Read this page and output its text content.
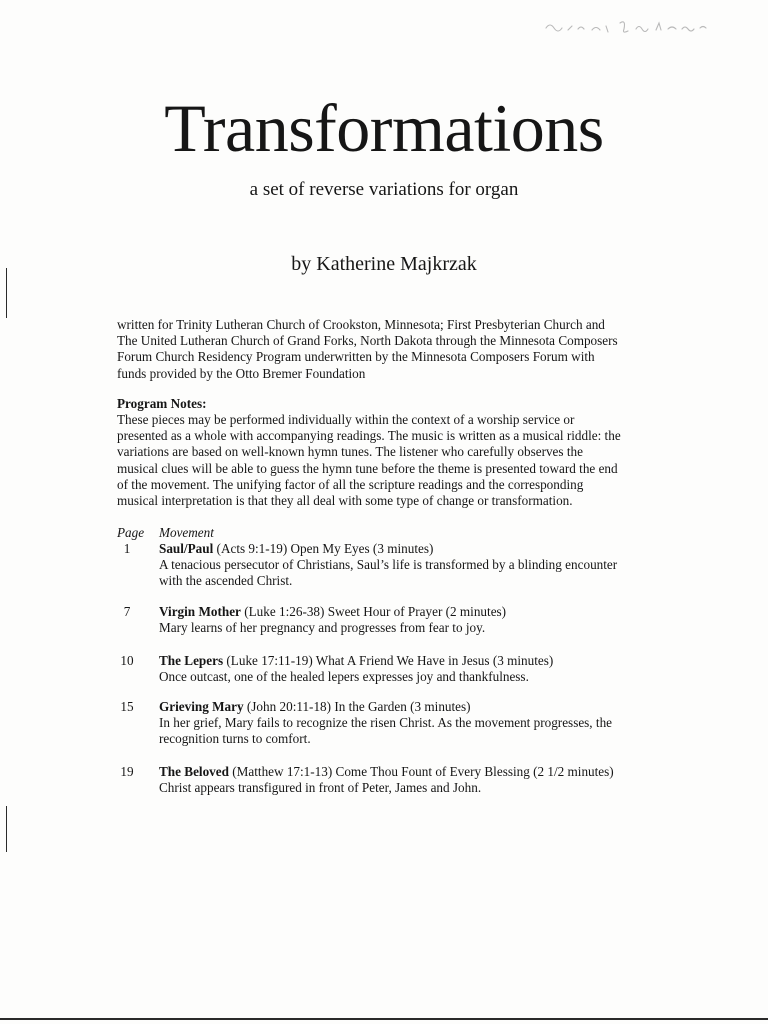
Transformations
a set of reverse variations for organ
by Katherine Majkrzak
written for Trinity Lutheran Church of Crookston, Minnesota; First Presbyterian Church and
The United Lutheran Church of Grand Forks, North Dakota through the Minnesota Composers
Forum Church Residency Program underwritten by the Minnesota Composers Forum with
funds provided by the Otto Bremer Foundation
Program Notes:
These pieces may be performed individually within the context of a worship service or
presented as a whole with accompanying readings. The music is written as a musical riddle: the
variations are based on well-known hymn tunes. The listener who carefully observes the
musical clues will be able to guess the hymn tune before the theme is presented toward the end
of the movement. The unifying factor of all the scripture readings and the corresponding
musical interpretation is that they all deal with some type of change or transformation.
Page Movement
1	Saul/Paul (Acts 9:1-19) Open My Eyes (3 minutes)
A tenacious persecutor of Christians, Saul’s life is transformed by a blinding encounter
with the ascended Christ.
7	Virgin Mother (Luke 1:26-38) Sweet Hour of Prayer (2 minutes)
Mary learns of her pregnancy and progresses from fear to joy.
10 The Lepers (Luke 17:11-19) What A Friend We Have in Jesus (3 minutes)
Once outcast, one of the healed lepers expresses joy and thankfulness.
15 Grieving Mary (John 20:11-18) In the Garden (3 minutes)
In her grief, Mary fails to recognize the risen Christ. As the movement progresses, the
recognition turns to comfort.
19 The Beloved (Matthew 17:1-13) Come Thou Fount of Every Blessing (2 1/2 minutes)
Christ appears transfigured in front of Peter, James and John.
